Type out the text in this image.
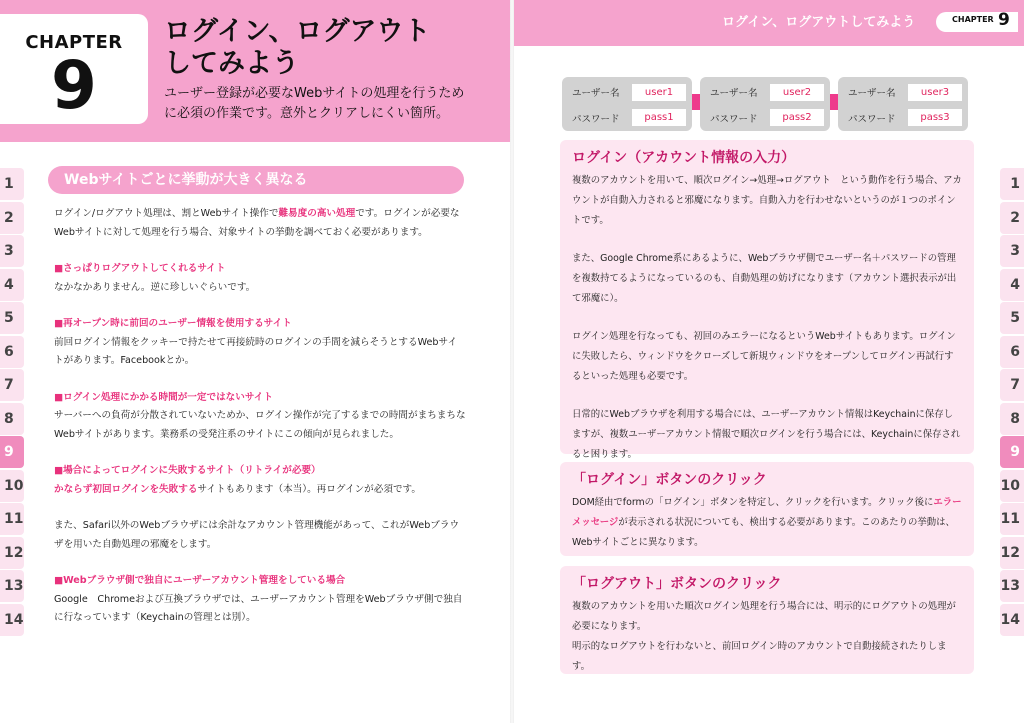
CHAPTER
9
ログイン、ログアウト
してみよう
ユーザー登録が必要なWebサイトの処理を行うため
に必須の作業です。意外とクリアしにくい箇所。
1
2
3
4
5
6
7
8
9
10
11
12
13
14
Webサイトごとに挙動が大きく異なる

ログイン/ログアウト処理は、割とWebサイト操作で難易度の高い処理です。ログインが必要なWebサイトに対して処理を行う場合、対象サイトの挙動を調べておく必要があります。

■さっぱりログアウトしてくれるサイト

なかなかありません。逆に珍しいぐらいです。

■再オープン時に前回のユーザー情報を使用するサイト

前回ログイン情報をクッキーで持たせて再接続時のログインの手間を減らそうとするWebサイトがあります。Facebookとか。

■ログイン処理にかかる時間が一定ではないサイト

サーバーへの負荷が分散されていないためか、ログイン操作が完了するまでの時間がまちまちなWebサイトがあります。業務系の受発注系のサイトにこの傾向が見られました。

■場合によってログインに失敗するサイト（リトライが必要）

かならず初回ログインを失敗するサイトもあります（本当）。再ログインが必須です。

また、Safari以外のWebブラウザには余計なアカウント管理機能があって、これがWebブラウザを用いた自動処理の邪魔をします。

■Webブラウザ側で独自にユーザーアカウント管理をしている場合

Google　Chromeおよび互換ブラウザでは、ユーザーアカウント管理をWebブラウザ側で独自に行なっています（Keychainの管理とは別）。

ログイン、ログアウトしてみよう	CHAPTER 9
1
2
3
4
5
6
7
8
9
10
11
12
13
14
ユーザー名	user1
パスワード	pass1
ユーザー名	user2
パスワード	pass2
ユーザー名	user3
パスワード	pass3
ログイン（アカウント情報の入力）
複数のアカウントを用いて、順次ログイン→処理→ログアウト　という動作を行う場合、アカウントが自動入力されると邪魔になります。自動入力を行わせないというのが１つのポイントです。
また、Google Chrome系にあるように、Webブラウザ側でユーザー名＋パスワードの管理を複数持てるようになっているのも、自動処理の妨げになります（アカウント選択表示が出て邪魔に）。
ログイン処理を行なっても、初回のみエラーになるというWebサイトもあります。ログインに失敗したら、ウィンドウをクローズして新規ウィンドウをオープンしてログイン再試行するといった処理も必要です。
日常的にWebブラウザを利用する場合には、ユーザーアカウント情報はKeychainに保存しますが、複数ユーザーアカウント情報で順次ログインを行う場合には、Keychainに保存されると困ります。
「ログイン」ボタンのクリック
DOM経由でformの「ログイン」ボタンを特定し、クリックを行います。クリック後にエラーメッセージが表示される状況についても、検出する必要があります。このあたりの挙動は、Webサイトごとに異なります。
「ログアウト」ボタンのクリック
複数のアカウントを用いた順次ログイン処理を行う場合には、明示的にログアウトの処理が必要になります。
明示的なログアウトを行わないと、前回ログイン時のアカウントで自動接続されたりします。
